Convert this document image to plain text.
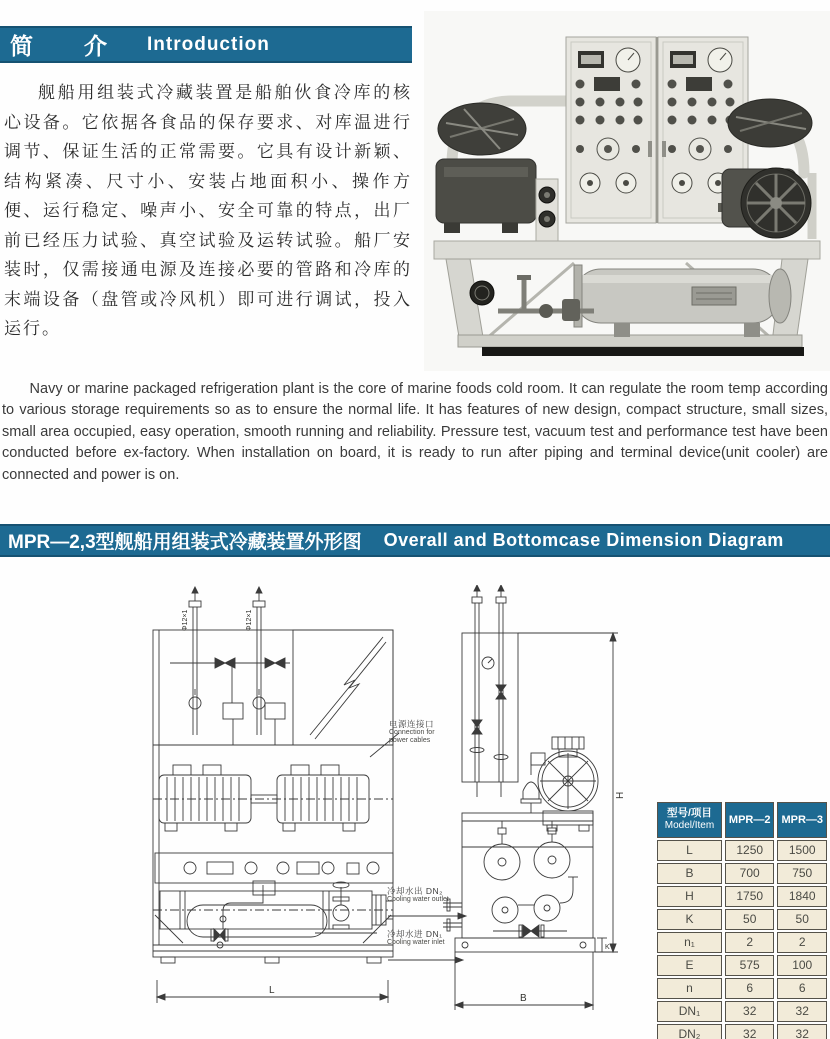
简　介 Introduction

舰船用组装式冷藏装置是船舶伙食冷库的核心设备。它依据各食品的保存要求、对库温进行调节、保证生活的正常需要。它具有设计新颖、结构紧凑、尺寸小、安装占地面积小、操作方便、运行稳定、噪声小、安全可靠的特点，出厂前已经压力试验、真空试验及运转试验。船厂安装时，仅需接通电源及连接必要的管路和冷库的末端设备（盘管或冷风机）即可进行调试，投入运行。

Navy or marine packaged refrigeration plant is the core of marine foods cold room. It can regulate the room temp according to various storage requirements so as to ensure the normal life. It has features of new design, compact structure, small sizes, small area occupied, easy operation, smooth running and reliability. Pressure test, vacuum test and performance test have been conducted before ex-factory. When installation on board, it is ready to run after piping and terminal device(unit cooler) are connected and power is on.

MPR—2,3型舰船用组装式冷藏装置外形图 Overall and Bottomcase Dimension Diagram
L
Φ12×1	Φ12×1
H
B
K
电源连接口
Connection for
power cables
冷却水出 DN₂
Cooling water outlet
冷却水进 DN₁
Cooling water inlet
型号/项目
Model/Item	MPR—2	MPR—3
L	1250	1500
B	700	750
H	1750	1840
K	50	50
n₁	2	2
E	575	100
n	6	6
DN₁	32	32
DN₂	32	32
